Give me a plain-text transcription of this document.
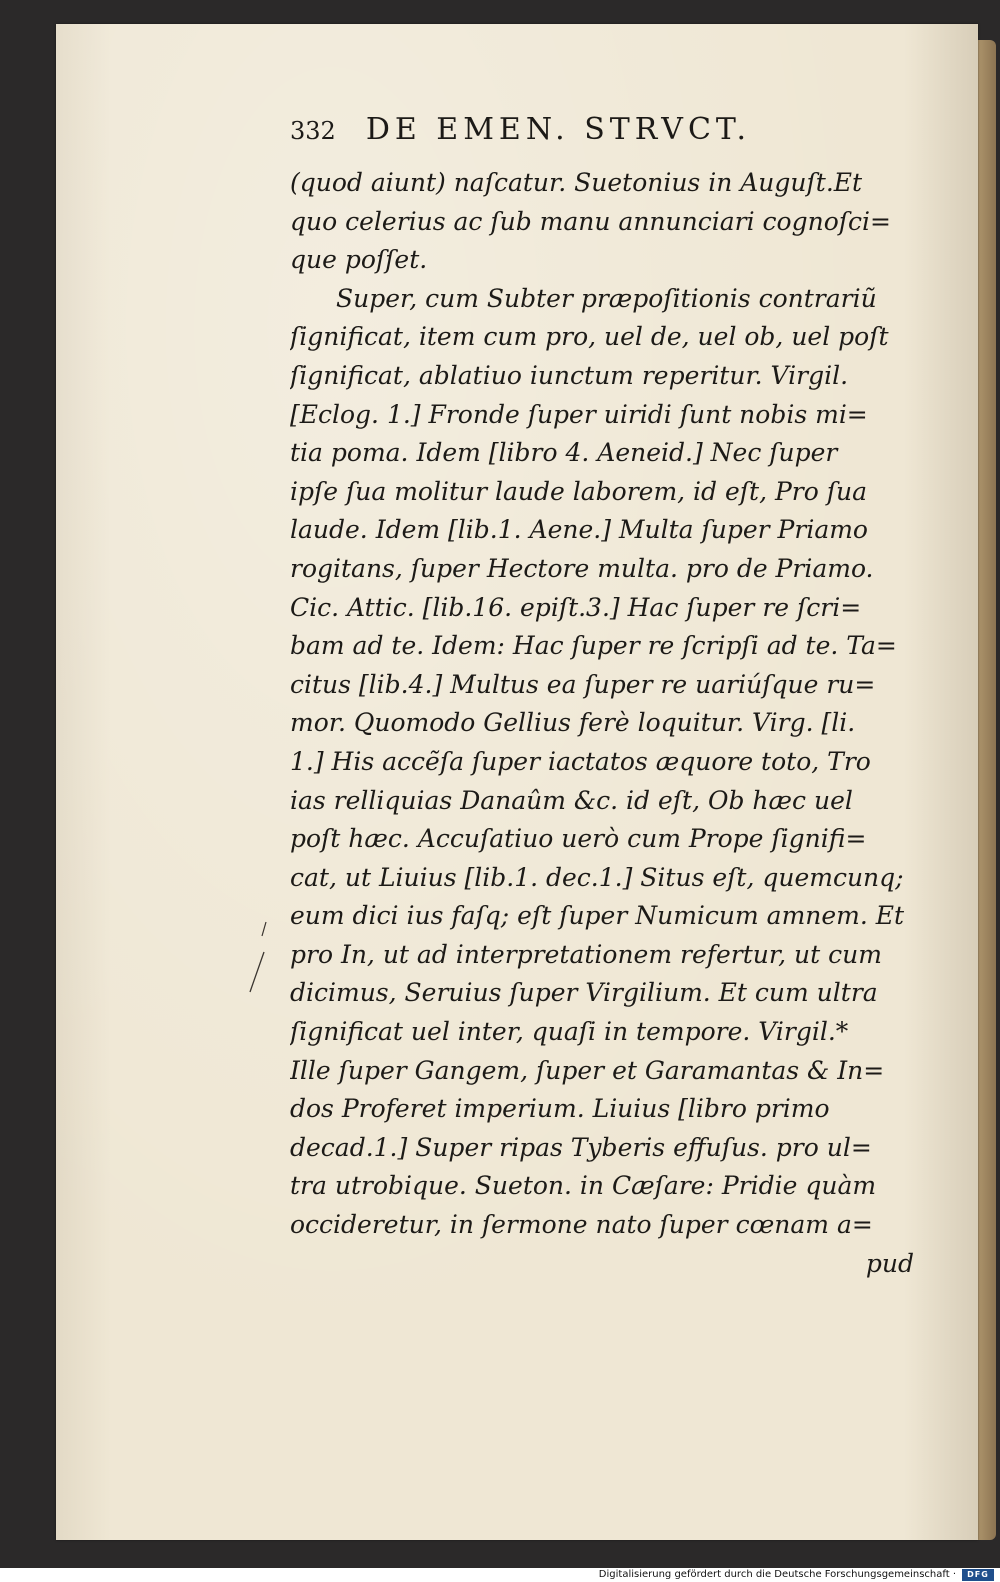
332 DE EMEN. STRVCT.
(quod aiunt) naſcatur. Suetonius in Auguſt.Et
quo celerius ac ſub manu annunciari cognoſci=
que poſſet.
Super, cum Subter præpoſitionis contrariũ
ſignificat, item cum pro, uel de, uel ob, uel poſt
ſignificat, ablatiuo iunctum reperitur. Virgil.
[Eclog. 1.] Fronde ſuper uiridi ſunt nobis mi=
tia poma. Idem [libro 4. Aeneid.] Nec ſuper
ipſe ſua molitur laude laborem, id eſt, Pro ſua
laude. Idem [lib.1. Aene.] Multa ſuper Priamo
rogitans, ſuper Hectore multa. pro de Priamo.
Cic. Attic. [lib.16. epiſt.3.] Hac ſuper re ſcri=
bam ad te. Idem: Hac ſuper re ſcripſi ad te. Ta=
citus [lib.4.] Multus ea ſuper re uariúſque ru=
mor. Quomodo Gellius ferè loquitur. Virg. [li.
1.] His accẽſa ſuper iactatos æquore toto, Tro
ias relliquias Danaûm &c. id eſt, Ob hæc uel
poſt hæc. Accuſatiuo uerò cum Prope ſignifi=
cat, ut Liuius [lib.1. dec.1.] Situs eſt, quemcunq;
eum dici ius faſq; eſt ſuper Numicum amnem. Et
pro In, ut ad interpretationem refertur, ut cum
dicimus, Seruius ſuper Virgilium. Et cum ultra
ſignificat uel inter, quaſi in tempore. Virgil.*
Ille ſuper Gangem, ſuper et Garamantas & In=
dos Proferet imperium. Liuius [libro primo
decad.1.] Super ripas Tyberis effuſus. pro ul=
tra utrobique. Sueton. in Cæſare: Pridie quàm
occideretur, in ſermone nato ſuper cœnam a=
pud
Digitalisierung gefördert durch die Deutsche Forschungsgemeinschaft ·	DFG
